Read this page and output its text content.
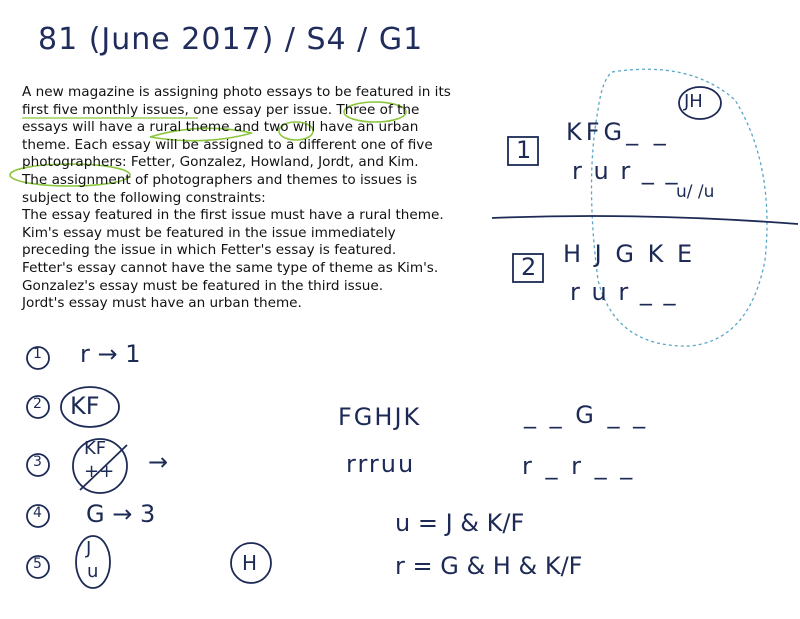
81 (June 2017) / S4 / G1
A new magazine is assigning photo essays to be featured in its
first five monthly issues, one essay per issue. Three of the
essays will have a rural theme and two will have an urban
theme. Each essay will be assigned to a different one of five
photographers: Fetter, Gonzalez, Howland, Jordt, and Kim.
The assignment of photographers and themes to issues is
subject to the following constraints:
The essay featured in the first issue must have a rural theme.
Kim's essay must be featured in the issue immediately
preceding the issue in which Fetter's essay is featured.
Fetter's essay cannot have the same type of theme as Kim's.
Gonzalez's essay must be featured in the third issue.
Jordt's essay must have an urban theme.
1 r → 1
2 KF
3
KF
++ →
4 G → 3
5
J
u	H
FGHJK
rrruu
_ _ G _ _
r _ r _ _
u = J & K/F
r = G & H & K/F
1
JH
KFG_ _
r u r _ _
u/ /u
2 H J G K E
r u r _ _
